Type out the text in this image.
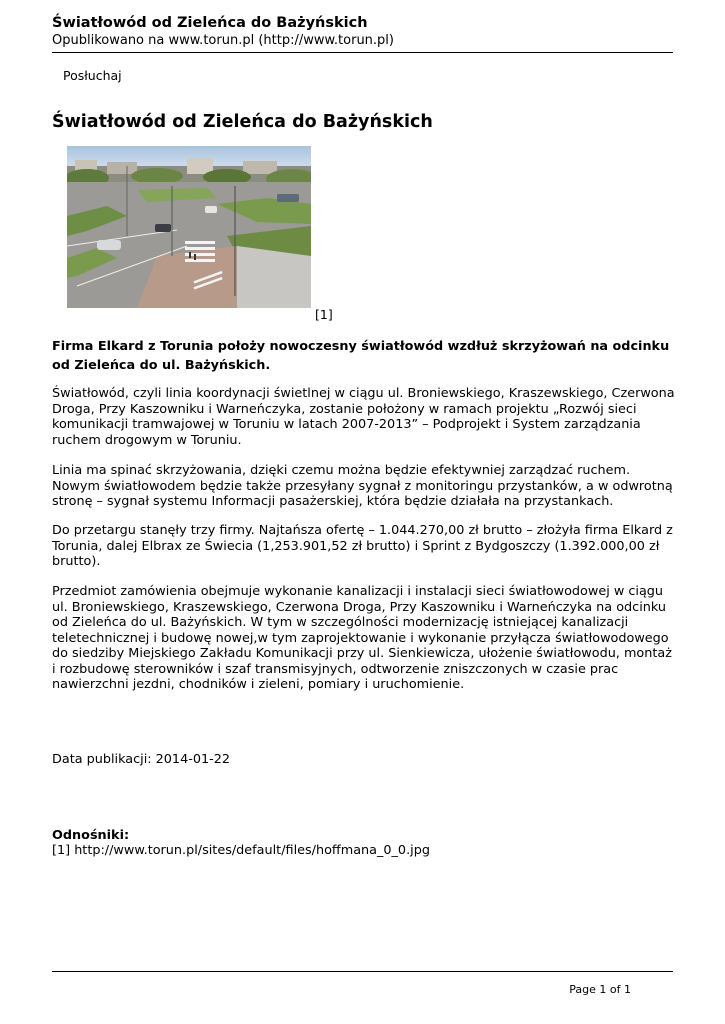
Światłowód od Zieleńca do Bażyńskich
Opublikowano na www.torun.pl (http://www.torun.pl)
Posłuchaj
Światłowód od Zieleńca do Bażyńskich
[1]

Firma Elkard z Torunia położy nowoczesny światłowód wzdłuż skrzyżowań na odcinku od Zieleńca do ul. Bażyńskich.

Światłowód, czyli linia koordynacji świetlnej w ciągu ul. Broniewskiego, Kraszewskiego, Czerwona Droga, Przy Kaszowniku i Warneńczyka, zostanie położony w ramach projektu „Rozwój sieci komunikacji tramwajowej w Toruniu w latach 2007-2013” – Podprojekt i System zarządzania ruchem drogowym w Toruniu.

Linia ma spinać skrzyżowania, dzięki czemu można będzie efektywniej zarządzać ruchem. Nowym światłowodem będzie także przesyłany sygnał z monitoringu przystanków, a w odwrotną stronę – sygnał systemu Informacji pasażerskiej, która będzie działała na przystankach.

Do przetargu stanęły trzy firmy. Najtańsza ofertę – 1.044.270,00 zł brutto – złożyła firma Elkard z Torunia, dalej Elbrax ze Świecia (1,253.901,52 zł brutto) i Sprint z Bydgoszczy (1.392.000,00 zł brutto).

Przedmiot zamówienia obejmuje wykonanie kanalizacji i instalacji sieci światłowodowej w ciągu ul. Broniewskiego, Kraszewskiego, Czerwona Droga, Przy Kaszowniku i Warneńczyka na odcinku od Zieleńca do ul. Bażyńskich. W tym w szczególności modernizację istniejącej kanalizacji teletechnicznej i budowę nowej,w tym zaprojektowanie i wykonanie przyłącza światłowodowego do siedziby Miejskiego Zakładu Komunikacji przy ul. Sienkiewicza, ułożenie światłowodu, montaż i rozbudowę sterowników i szaf transmisyjnych, odtworzenie zniszczonych w czasie prac nawierzchni jezdni, chodników i zieleni, pomiary i uruchomienie.

Data publikacji: 2014-01-22
Odnośniki:
[1] http://www.torun.pl/sites/default/files/hoffmana_0_0.jpg
Page 1 of 1
